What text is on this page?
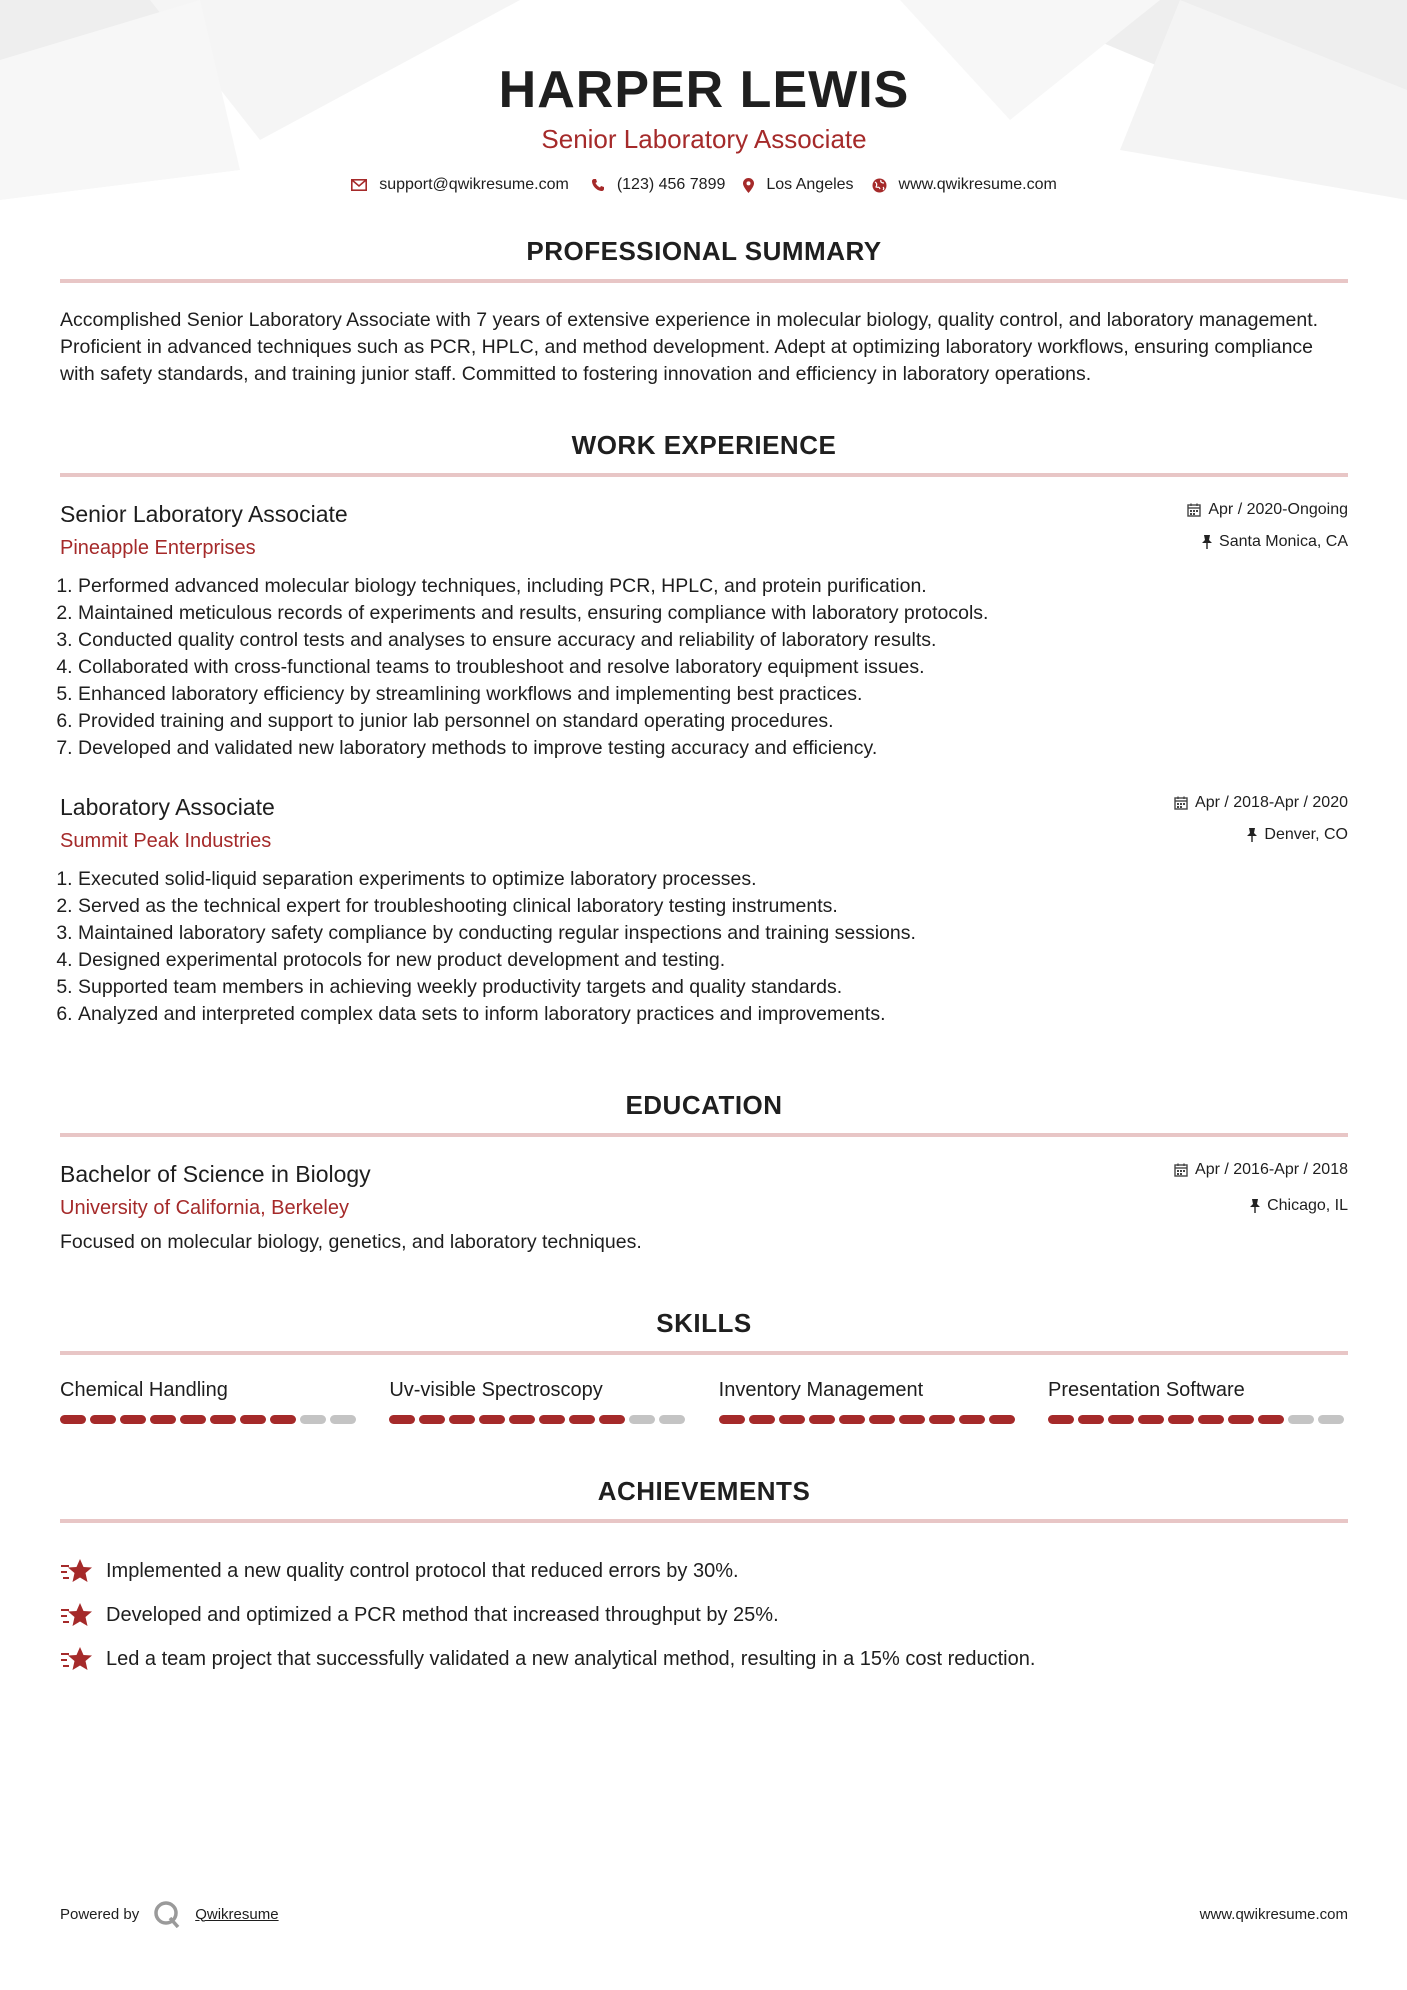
HARPER LEWIS
Senior Laboratory Associate
support@qwikresume.com	(123) 456 7899	Los Angeles	www.qwikresume.com
PROFESSIONAL SUMMARY
Accomplished Senior Laboratory Associate with 7 years of extensive experience in molecular biology, quality control, and laboratory management. Proficient in advanced techniques such as PCR, HPLC, and method development. Adept at optimizing laboratory workflows, ensuring compliance with safety standards, and training junior staff. Committed to fostering innovation and efficiency in laboratory operations.
WORK EXPERIENCE
Senior Laboratory Associate
Pineapple Enterprises
Apr / 2020-Ongoing
Santa Monica, CA
1. Performed advanced molecular biology techniques, including PCR, HPLC, and protein purification.
2. Maintained meticulous records of experiments and results, ensuring compliance with laboratory protocols.
3. Conducted quality control tests and analyses to ensure accuracy and reliability of laboratory results.
4. Collaborated with cross-functional teams to troubleshoot and resolve laboratory equipment issues.
5. Enhanced laboratory efficiency by streamlining workflows and implementing best practices.
6. Provided training and support to junior lab personnel on standard operating procedures.
7. Developed and validated new laboratory methods to improve testing accuracy and efficiency.
Laboratory Associate
Summit Peak Industries
Apr / 2018-Apr / 2020
Denver, CO
1. Executed solid-liquid separation experiments to optimize laboratory processes.
2. Served as the technical expert for troubleshooting clinical laboratory testing instruments.
3. Maintained laboratory safety compliance by conducting regular inspections and training sessions.
4. Designed experimental protocols for new product development and testing.
5. Supported team members in achieving weekly productivity targets and quality standards.
6. Analyzed and interpreted complex data sets to inform laboratory practices and improvements.
EDUCATION
Bachelor of Science in Biology
University of California, Berkeley
Apr / 2016-Apr / 2018
Chicago, IL
Focused on molecular biology, genetics, and laboratory techniques.
SKILLS
Chemical Handling	Uv-visible Spectroscopy	Inventory Management	Presentation Software
ACHIEVEMENTS
Implemented a new quality control protocol that reduced errors by 30%.
Developed and optimized a PCR method that increased throughput by 25%.
Led a team project that successfully validated a new analytical method, resulting in a 15% cost reduction.
Powered by	Qwikresume	www.qwikresume.com
